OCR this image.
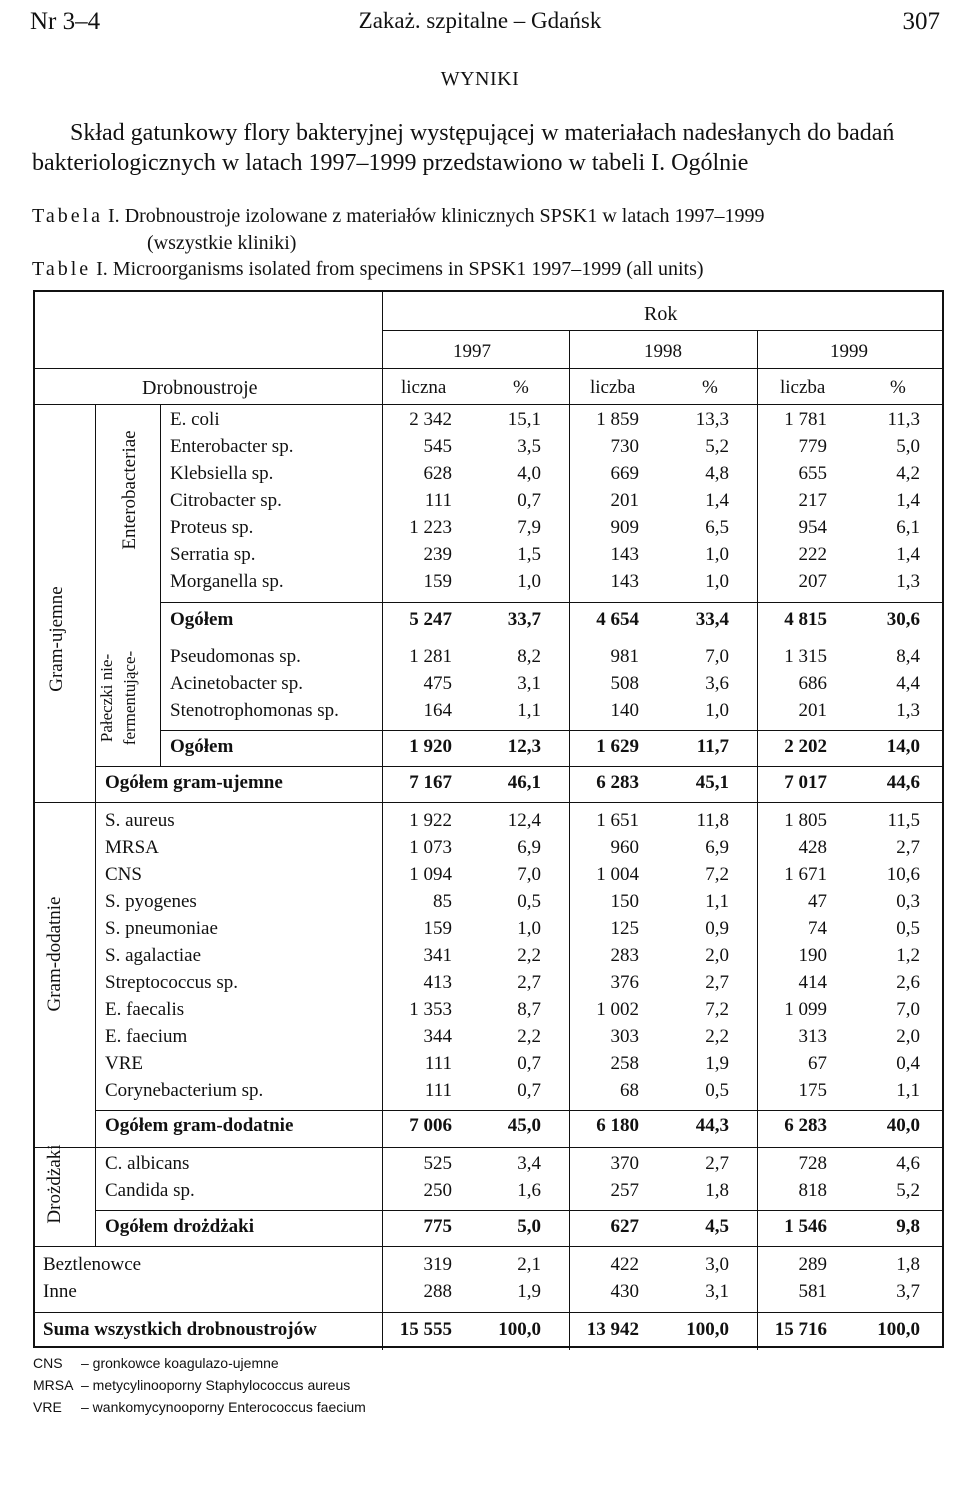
Nr 3–4	Zakaż. szpitalne – Gdańsk	307
WYNIKI
Skład gatunkowy flory bakteryjnej występującej w materiałach nadesłanych do badań bakteriologicznych w latach 1997–1999 przedstawiono w tabeli I. Ogólnie
Tabela I. Drobnoustroje izolowane z materiałów klinicznych SPSK1 w latach 1997–1999
(wszystkie kliniki)
Table I. Microorganisms isolated from specimens in SPSK1 1997–1999 (all units)
Rok
1997	1998	1999
Drobnoustroje	liczna	%	liczba	%	liczba	%
Gram-ujemne
Enterobacteriae
Pałeczki nie- fermentujące-
Gram-dodatnie
Drożdżaki
E. coli	2 342	15,1	1 859	13,3	1 781	11,3
Enterobacter sp.	545	3,5	730	5,2	779	5,0
Klebsiella sp.	628	4,0	669	4,8	655	4,2
Citrobacter sp.	111	0,7	201	1,4	217	1,4
Proteus sp.	1 223	7,9	909	6,5	954	6,1
Serratia sp.	239	1,5	143	1,0	222	1,4
Morganella sp.	159	1,0	143	1,0	207	1,3
Ogółem	5 247	33,7	4 654	33,4	4 815	30,6
Pseudomonas sp.	1 281	8,2	981	7,0	1 315	8,4
Acinetobacter sp.	475	3,1	508	3,6	686	4,4
Stenotrophomonas sp.	164	1,1	140	1,0	201	1,3
Ogółem	1 920	12,3	1 629	11,7	2 202	14,0
Ogółem gram-ujemne	7 167	46,1	6 283	45,1	7 017	44,6
S. aureus	1 922	12,4	1 651	11,8	1 805	11,5
MRSA	1 073	6,9	960	6,9	428	2,7
CNS	1 094	7,0	1 004	7,2	1 671	10,6
S. pyogenes	85	0,5	150	1,1	47	0,3
S. pneumoniae	159	1,0	125	0,9	74	0,5
S. agalactiae	341	2,2	283	2,0	190	1,2
Streptococcus sp.	413	2,7	376	2,7	414	2,6
E. faecalis	1 353	8,7	1 002	7,2	1 099	7,0
E. faecium	344	2,2	303	2,2	313	2,0
VRE	111	0,7	258	1,9	67	0,4
Corynebacterium sp.	111	0,7	68	0,5	175	1,1
Ogółem gram-dodatnie	7 006	45,0	6 180	44,3	6 283	40,0
C. albicans	525	3,4	370	2,7	728	4,6
Candida sp.	250	1,6	257	1,8	818	5,2
Ogółem drożdżaki	775	5,0	627	4,5	1 546	9,8
Beztlenowce	319	2,1	422	3,0	289	1,8
Inne	288	1,9	430	3,1	581	3,7
Suma wszystkich drobnoustrojów	15 555	100,0	13 942	100,0	15 716	100,0
CNS – gronkowce koagulazo-ujemne
MRSA – metycylinooporny Staphylococcus aureus
VRE – wankomycynooporny Enterococcus faecium
